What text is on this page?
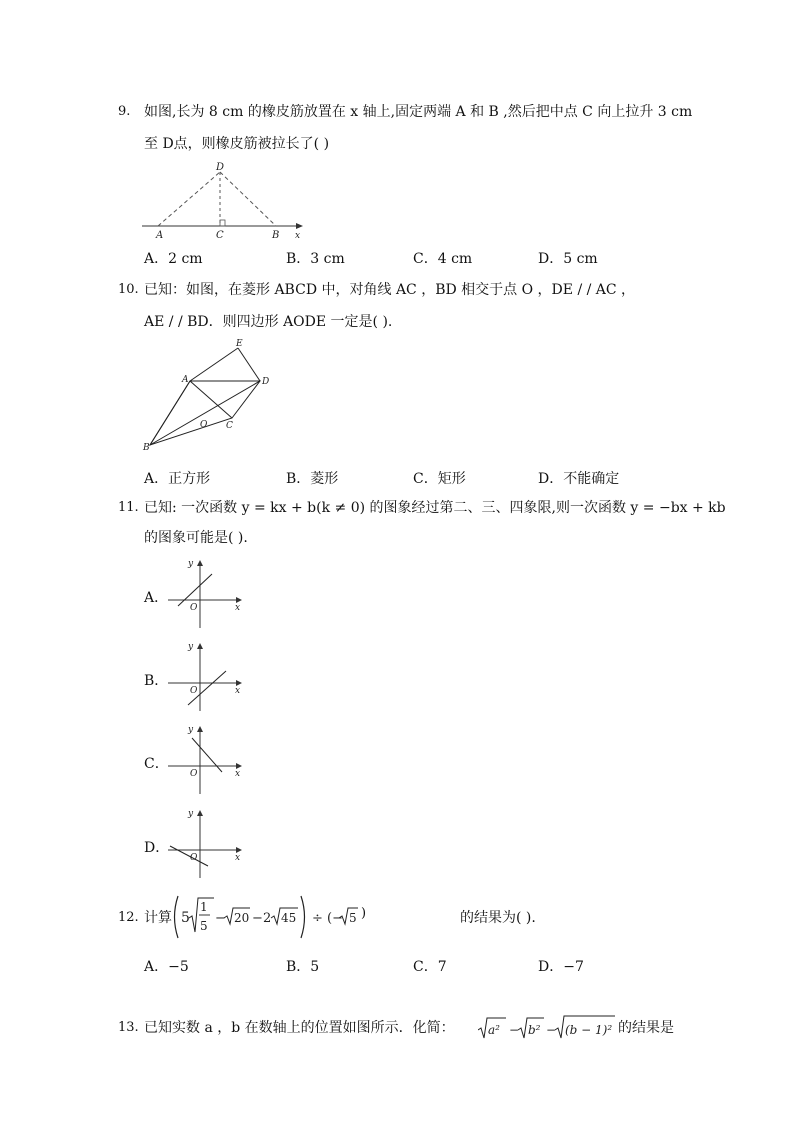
9. 如图,长为 8 cm 的橡皮筋放置在 x 轴上,固定两端 A 和 B ,然后把中点 C 向上拉升 3 cm
至 D点，则橡皮筋被拉长了( )
D
A	C	B x
A．2 cm	B．3 cm	C．4 cm	D．5 cm
10. 已知：如图，在菱形 ABCD 中，对角线 AC ，BD 相交于点 O ，DE / / AC ，
AE / / BD．则四边形 AODE 一定是( ).
E
A	D
O
B
C
A．正方形	B．菱形	C．矩形	D．不能确定
11. 已知: 一次函数 y = kx + b(k ≠ 0) 的图象经过第二、三、四象限,则一次函数 y = −bx + kb
的图象可能是( ).
A．
y
x
O
B．
y
x
O
C．
y
x
O
D．
y
x
O
12. 计算	的结果为( ).
5
1
5 − 20 − 2 45 ÷ (− 5 )
A．−5	B．5	C．7	D．−7
13. 已知实数 a ，b 在数轴上的位置如图所示．化简：	的结果是
a² − b² − (b − 1)²
